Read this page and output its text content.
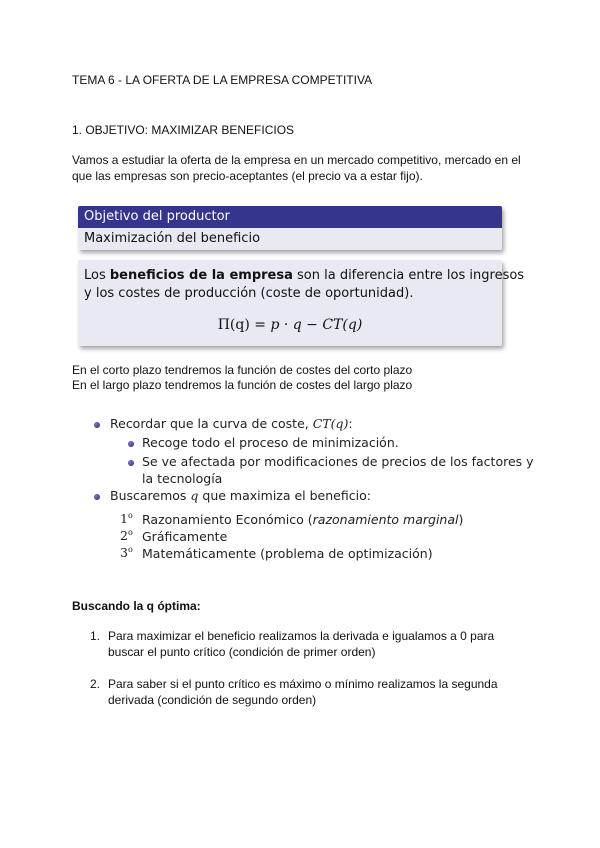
TEMA 6 - LA OFERTA DE LA EMPRESA COMPETITIVA
1. OBJETIVO: MAXIMIZAR BENEFICIOS
Vamos a estudiar la oferta de la empresa en un mercado competitivo, mercado en el
que las empresas son precio-aceptantes (el precio va a estar fijo).
Objetivo del productor
Maximización del beneficio
Los beneficios de la empresa son la diferencia entre los ingresos
y los costes de producción (coste de oportunidad).
Π(q) = p · q − CT(q)
En el corto plazo tendremos la función de costes del corto plazo
En el largo plazo tendremos la función de costes del largo plazo
Recordar que la curva de coste, CT(q):
Recoge todo el proceso de minimización.
Se ve afectada por modificaciones de precios de los factores y
la tecnología
Buscaremos q que maximiza el beneficio:
1$^o$ Razonamiento Económico (razonamiento marginal)
2$^o$ Gráficamente
3$^o$ Matemáticamente (problema de optimización)
Buscando la q óptima:
1. Para maximizar el beneficio realizamos la derivada e igualamos a 0 para
buscar el punto crítico (condición de primer orden)
2. Para saber si el punto crítico es máximo o mínimo realizamos la segunda
derivada (condición de segundo orden)
